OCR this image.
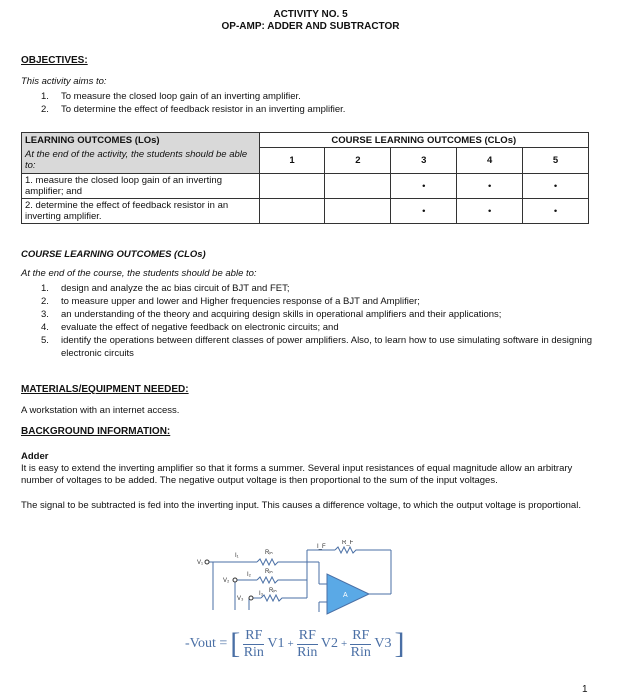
ACTIVITY NO. 5
OP-AMP: ADDER AND SUBTRACTOR
OBJECTIVES:
This activity aims to:
1. To measure the closed loop gain of an inverting amplifier.
2. To determine the effect of feedback resistor in an inverting amplifier.
LEARNING OUTCOMES (LOs)	COURSE LEARNING OUTCOMES (CLOs)				
At the end of the activity, the students should be able to:	1	2	3	4	5
1. measure the closed loop gain of an inverting amplifier; and			•	•	•
2. determine the effect of feedback resistor in an inverting amplifier.			•	•	•
COURSE LEARNING OUTCOMES (CLOs)
At the end of the course, the students should be able to:
1. design and analyze the ac bias circuit of BJT and FET;
2. to measure upper and lower and Higher frequencies response of a BJT and Amplifier;
3. an understanding of the theory and acquiring design skills in operational amplifiers and their applications;
4. evaluate the effect of negative feedback on electronic circuits; and
5. identify the operations between different classes of power amplifiers. Also, to learn how to use simulating software in designing electronic circuits
MATERIALS/EQUIPMENT NEEDED:
A workstation with an internet access.
BACKGROUND INFORMATION:
Adder
It is easy to extend the inverting amplifier so that it forms a summer. Several input resistances of equal magnitude allow an arbitrary number of voltages to be added. The negative output voltage is then proportional to the sum of the input voltages.
The signal to be subtracted is fed into the inverting input. This causes a difference voltage, to which the output voltage is proportional.
V₁
V₂
V₃
I₁
I₂
I₃
Rᵢₙ
Rᵢₙ
Rᵢₙ
I_F
R_F
A
-Vout = [ $\frac{RF}{\text{Rin}} V1 + \frac{RF}{\text{Rin}} V2 + \frac{RF}{\text{Rin}} V3$ ]
1
